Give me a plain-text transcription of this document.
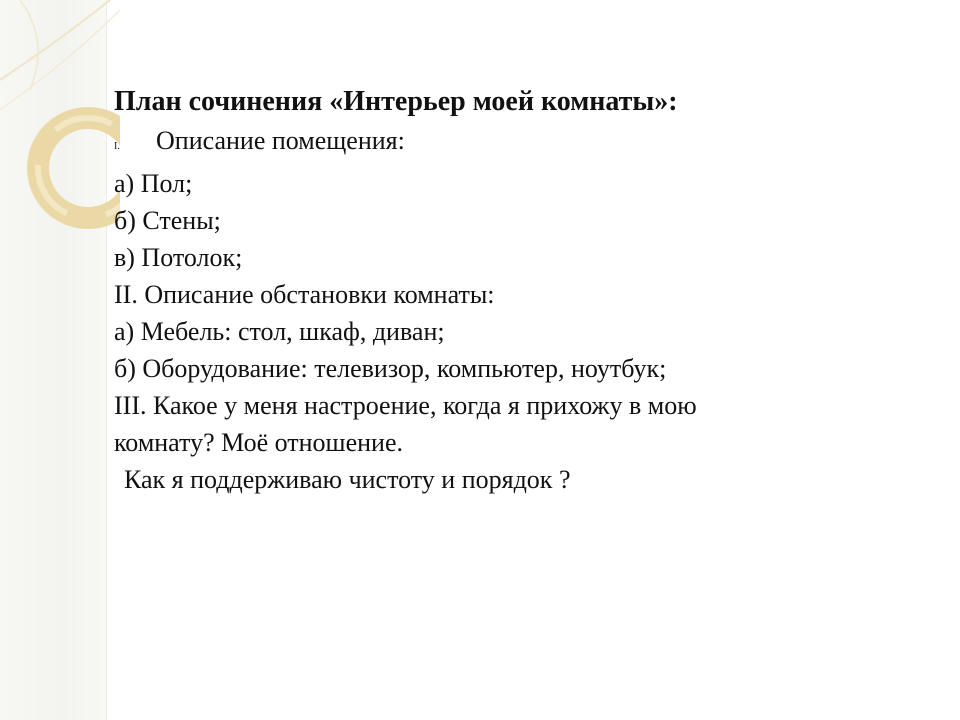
План сочинения «Интерьер моей комнаты»:

I.	Описание помещения:

а) Пол;

б) Стены;

в) Потолок;

II. Описание обстановки комнаты:

а) Мебель: стол, шкаф, диван;

б) Оборудование: телевизор, компьютер, ноутбук;

III. Какое у меня настроение, когда я прихожу в мою

комнату? Моё отношение.

Как я поддерживаю чистоту и порядок ?
